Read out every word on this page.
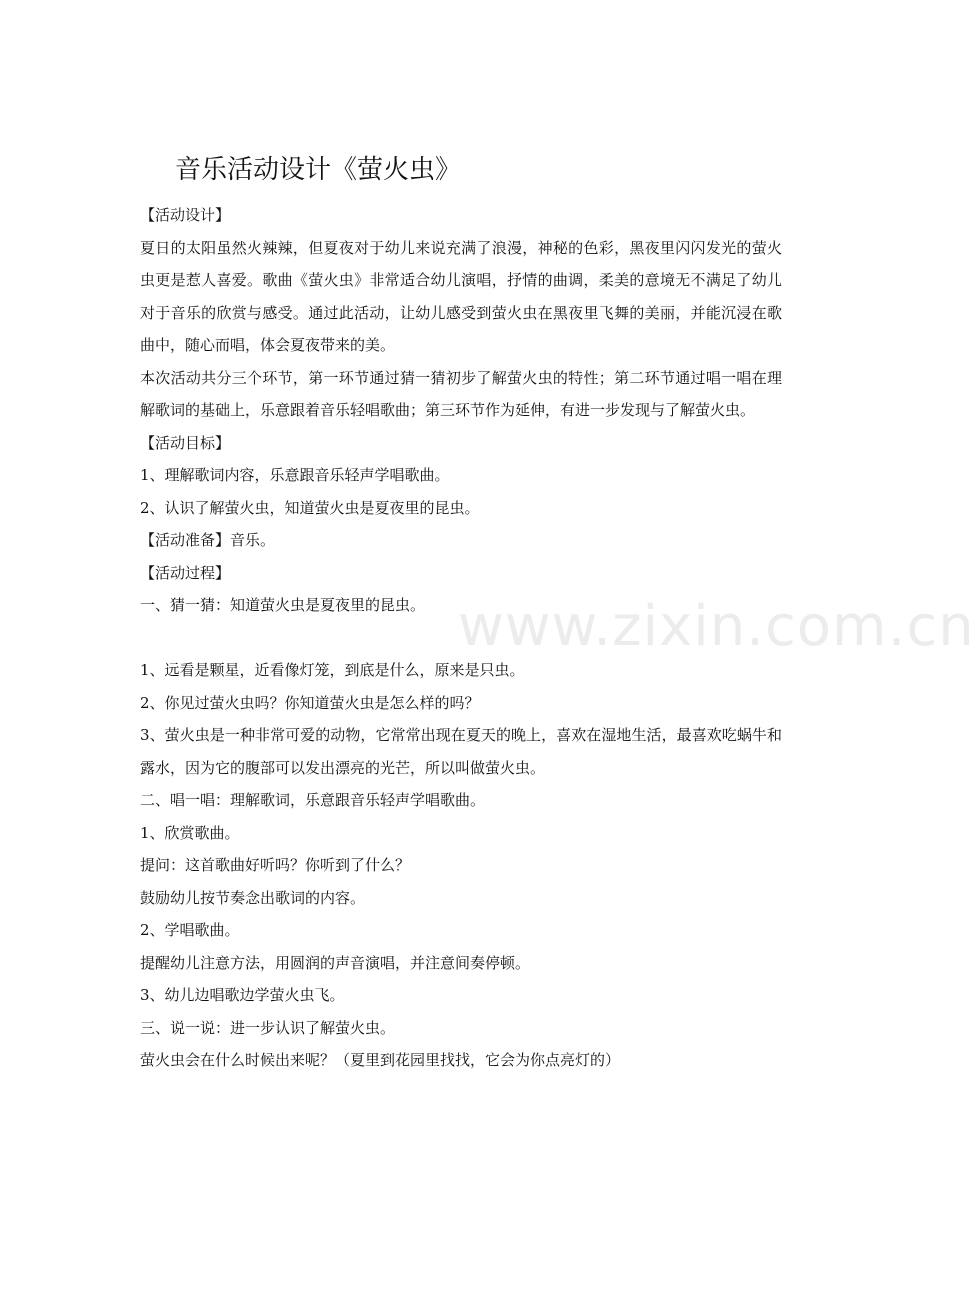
www.zixin.com.cn
音乐活动设计《萤火虫》

【活动设计】

夏日的太阳虽然火辣辣，但夏夜对于幼儿来说充满了浪漫，神秘的色彩，黑夜里闪闪发光的萤火虫更是惹人喜爱。歌曲《萤火虫》非常适合幼儿演唱，抒情的曲调，柔美的意境无不满足了幼儿对于音乐的欣赏与感受。通过此活动，让幼儿感受到萤火虫在黑夜里飞舞的美丽，并能沉浸在歌曲中，随心而唱，体会夏夜带来的美。

本次活动共分三个环节，第一环节通过猜一猜初步了解萤火虫的特性；第二环节通过唱一唱在理解歌词的基础上，乐意跟着音乐轻唱歌曲；第三环节作为延伸，有进一步发现与了解萤火虫。

【活动目标】

1、理解歌词内容，乐意跟音乐轻声学唱歌曲。

2、认识了解萤火虫，知道萤火虫是夏夜里的昆虫。

【活动准备】音乐。

【活动过程】

一、猜一猜：知道萤火虫是夏夜里的昆虫。

1、远看是颗星，近看像灯笼，到底是什么，原来是只虫。

2、你见过萤火虫吗？你知道萤火虫是怎么样的吗？

3、萤火虫是一种非常可爱的动物，它常常出现在夏天的晚上，喜欢在湿地生活，最喜欢吃蜗牛和露水，因为它的腹部可以发出漂亮的光芒，所以叫做萤火虫。

二、唱一唱：理解歌词，乐意跟音乐轻声学唱歌曲。

1、欣赏歌曲。

提问：这首歌曲好听吗？你听到了什么？

鼓励幼儿按节奏念出歌词的内容。

2、学唱歌曲。

提醒幼儿注意方法，用圆润的声音演唱，并注意间奏停顿。

3、幼儿边唱歌边学萤火虫飞。

三、说一说：进一步认识了解萤火虫。

萤火虫会在什么时候出来呢？（夏里到花园里找找，它会为你点亮灯的）
